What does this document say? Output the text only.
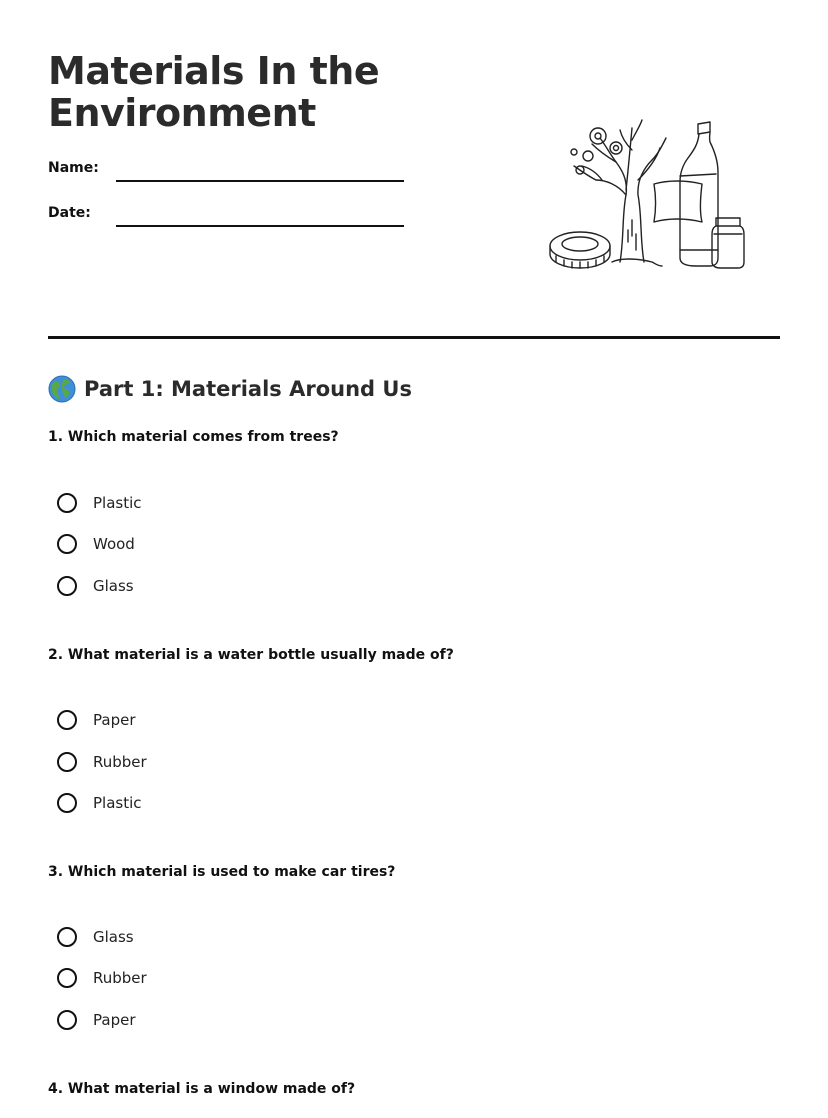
Materials In the Environment
Name:
Date:
Part 1: Materials Around Us
1. Which material comes from trees?
Plastic
Wood
Glass
2. What material is a water bottle usually made of?
Paper
Rubber
Plastic
3. Which material is used to make car tires?
Glass
Rubber
Paper
4. What material is a window made of?
